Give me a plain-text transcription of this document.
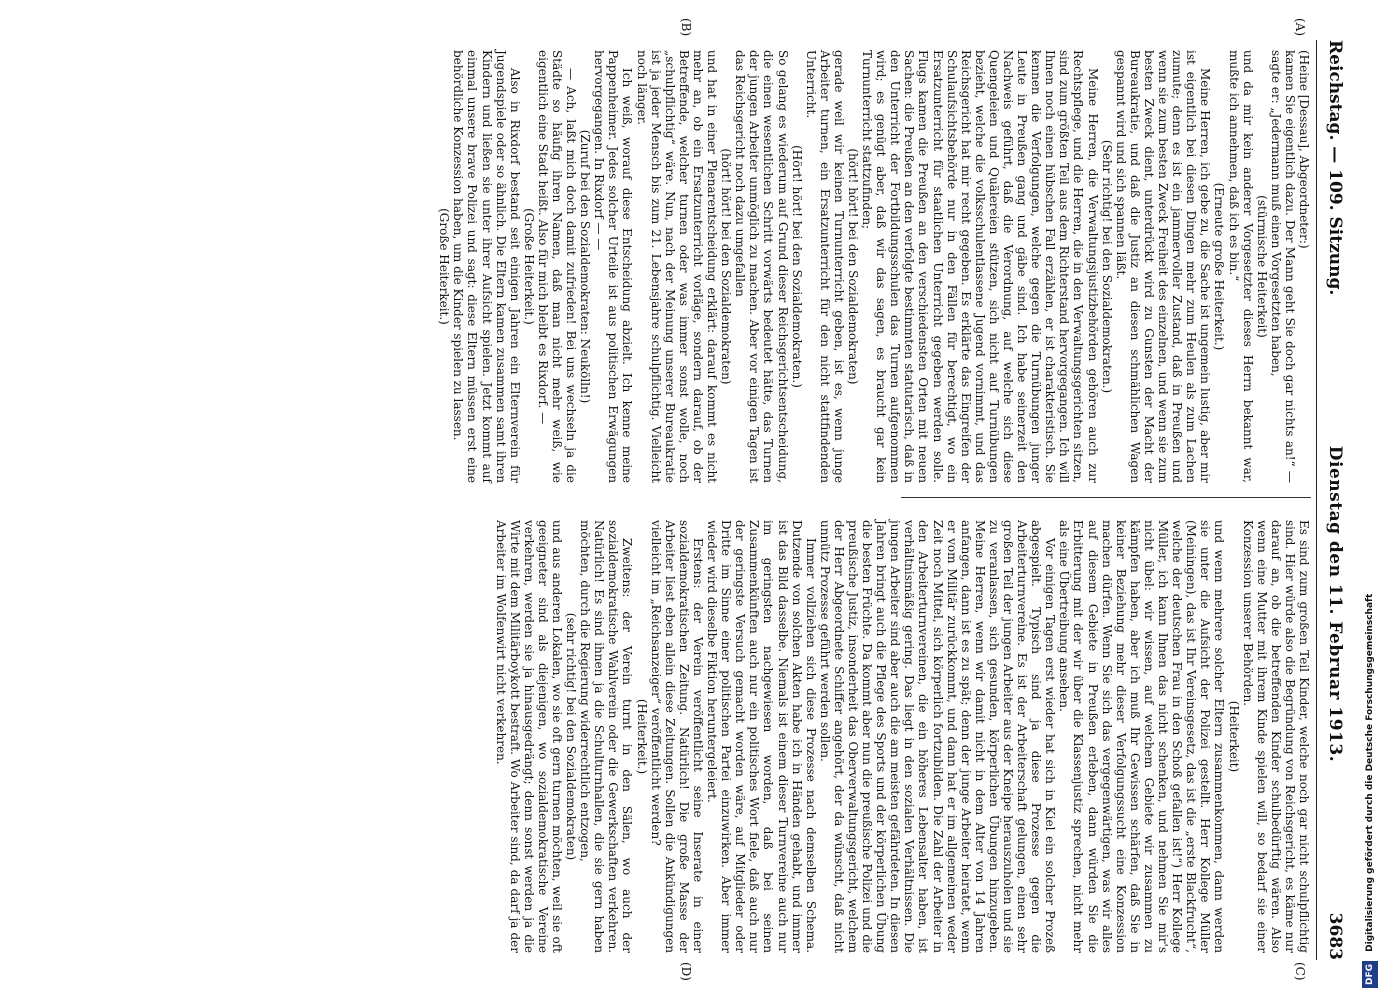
Reichstag. — 109. Sitzung.
Dienstag den 11. Februar 1913.
3683
(A)
(B)
(C)
(D)

(Heine [Dessau], Abgeordneter:)

kamen Sie eigentlich dazu. Der Mann geht Sie doch gar nichts an!“ — sagte er: „Jedermann muß einen Vorgesetzten haben,

(stürmische Heiterkeit)

und da mir kein anderer Vorgesetzter dieses Herrn bekannt war, mußte ich annehmen, daß ich es bin.“

(Erneute große Heiterkeit.)

Meine Herren, ich gebe zu, die Sache ist ungemein lustig, aber mir ist eigentlich bei diesen Dingen mehr zum Heulen als zum Lachen zumute; denn es ist ein jammervoller Zustand, daß in Preußen und wenn sie zum besten Zweck Freiheit des einzelnen, und wenn sie zum besten Zweck dient, unterdrückt wird zu Gunsten der Macht der Bureaukratie, und daß die Justiz an diesen schmählichen Wagen gespannt wird und sich spannen läßt.

(Sehr richtig! bei den Sozialdemokraten.)

Meine Herren, die Verwaltungsjustizbehörden gehören auch zur Rechtspflege, und die Herren, die in den Verwaltungsgerichten sitzen, sind zum größten Teil aus dem Richterstand hervorgegangen. Ich will Ihnen noch einen hübschen Fall erzählen, er ist charakteristisch. Sie kennen die Verfolgungen, welche gegen die Turnübungen junger Leute in Preußen gang und gäbe sind. Ich habe seinerzeit den Nachweis geführt, daß die Verordnung, auf welche sich diese Quengeleien und Quälereien stützen, sich nicht auf Turnübungen bezieht, welche die volksschulentlassene Jugend vornimmt, und das Reichsgericht hat mir recht gegeben. Es erklärte das Eingreifen der Schulaufsichtsbehörde nur in den Fällen für berechtigt, wo ein Ersatzunterricht für staatlichen Unterricht gegeben werden solle. Flugs kamen die Preußen an den verschiedensten Orten mit neuen Sachen: die Preußen an den verfolgte bestimmten statutarisch, daß in den Unterricht der Fortbildungsschulen das Turnen aufgenommen wird; es genügt aber, daß wir das sagen, es braucht gar kein Turnunterricht stattzufinden;

(hört! hört! bei den Sozialdemokraten)

gerade weil wir keinen Turnunterricht geben, ist es, wenn junge Arbeiter turnen, ein Ersatzunterricht für den nicht stattfindenden Unterricht.

(Hört! hört! bei den Sozialdemokraten.)

So gelang es wiederum auf Grund dieser Reichsgerichtsentscheidung, die einen wesentlichen Schritt vorwärts bedeutet hätte, das Turnen der jungen Arbeiter unmöglich zu machen. Aber vor einigen Tagen ist das Reichsgericht noch dazu umgefallen

(hört! hört! bei den Sozialdemokraten)

und hat in einer Plenarentscheidung erklärt: darauf kommt es nicht mehr an, ob ein Ersatzunterricht vorläge, sondern darauf, ob der Betreffende, welcher turnen oder was immer sonst wolle, noch „schulpflichtig“ wäre. Nun, nach der Meinung unserer Bureaukratie ist ja jeder Mensch bis zum 21. Lebensjahre schulpflichtig. Vielleicht noch länger.

Ich weiß, worauf diese Entscheidung abzielt. Ich kenne meine Pappenheimer. Jedes solcher Urteile ist aus politischen Erwägungen hervorgegangen. In Rixdorf — —

(Zuruf bei den Sozialdemokraten: Neukölln!)

— Ach, laßt mich doch damit zufrieden! Bei uns wechseln ja die Städte so häufig ihren Namen, daß man nicht mehr weiß, wie eigentlich eine Stadt heißt. Also für mich bleibt es Rixdorf. —

(Große Heiterkeit.)

Also in Rixdorf bestand seit einigen Jahren ein Elternverein für Jugendspiele oder so ähnlich. Die Eltern kamen zusammen samt ihren Kindern und ließen sie unter ihrer Aufsicht spielen. Jetzt kommt auf einmal unsere brave Polizei und sagt: diese Eltern müssen erst eine behördliche Konzession haben, um die Kinder spielen zu lassen.

(Große Heiterkeit.)

Es sind zum großen Teil Kinder, welche noch gar nicht schulpflichtig sind. Hier würde also die Begründung von Reichsgericht, es käme nur darauf an, ob die betreffenden Kinder schulbedürftig wären. Also wenn eine Mutter mit ihrem Kinde spielen will, so bedarf sie einer Konzession unserer Behörden.

(Heiterkeit)

und wenn mehrere solcher Eltern zusammenkommen, dann werden sie unter die Aufsicht der Polizei gestellt. Herr Kollege Müller (Meiningen), das ist Ihr Vereinsgesetz, das ist die „erste Blackfrucht“, welche der deutschen Frau in den Schoß gefallen ist!“) Herr Kollege Müller, ich kann Ihnen das nicht schenken, und nehmen Sie mir's nicht übel: wir wissen, auf welchem Gebiete wir zusammen zu kämpfen haben, aber ich muß Ihr Gewissen schärfen, daß Sie in keiner Beziehung mehr dieser Verfolgungssucht eine Konzession machen dürfen. Wenn Sie sich das vergegenwärtigen, was wir alles auf diesem Gebiete in Preußen erleben, dann würden Sie die Erbitterung mit der wir über die Klassenjustiz sprechen, nicht mehr als eine Übertreibung ansehen.

Vor einigen Tagen erst wieder hat sich in Kiel ein solcher Prozeß abgespielt. Typisch sind ja diese Prozesse gegen die Arbeiterturnvereine. Es ist der Arbeiterschaft gelungen, einen sehr großen Teil der jungen Arbeiter aus der Kneipe herauszuholen und sie zu veranlassen, sich gesunden, körperlichen Übungen hinzugeben. Meine Herren, wenn wir damit nicht in dem Alter von 14 Jahren anfangen, dann ist es zu spät; denn der junge Arbeiter heiratet, wenn er vom Militär zurückkommt, und dann hat er im allgemeinen weder Zeit noch Mittel, sich körperlich fortzubilden. Die Zahl der Arbeiter in den Arbeiterturnvereinen, die ein höheres Lebensalter haben, ist verhältnismäßig gering. Das liegt in den sozialen Verhältnissen. Die jungen Arbeiter sind aber auch die am meisten gefährdeten. In diesen Jahren bringt auch die Pflege des Sports und der körperlichen Übung die besten Früchte. Da kommt aber nun die preußische Polizei und die preußische Justiz, insonderheit das Oberverwaltungsgericht, welchem der Herr Abgeordnete Schiffer angehört, der da wünscht, daß nicht unnütz Prozesse geführt werden sollen.

Immer vollziehen sich diese Prozesse nach demselben Schema. Dutzende von solchen Akten habe ich in Händen gehabt, und immer ist das Bild dasselbe. Niemals ist einem dieser Turnvereine auch nur im geringsten nachgewiesen worden, daß bei seinen Zusammenkünften auch nur ein politisches Wort fiele, daß auch nur der geringste Versuch gemacht worden wäre, auf Mitglieder oder Dritte im Sinne einer politischen Partei einzuwirken. Aber immer wieder wird dieselbe Fiktion heruntergeleiert.

Erstens: der Verein veröffentlicht seine Inserate in einer sozialdemokratischen Zeitung. Natürlich! Die große Masse der Arbeiter liest eben allein diese Zeitungen. Sollen die Ankündigungen vielleicht im „Reichsanzeiger“ veröffentlicht werden?

(Heiterkeit.)

Zweitens: der Verein turnt in den Sälen, wo auch der sozialdemokratische Wahlverein oder die Gewerkschaften verkehren. Natürlich! Es sind ihnen ja die Schulturnhallen, die sie gern haben möchten, durch die Regierung widerrechtlich entzogen,

(sehr richtig! bei den Sozialdemokraten)

und aus anderen Lokalen, wo sie oft gern turnen möchten, weil sie oft geeigneter sind als diejenigen, wo sozialdemokratische Vereine verkehren, werden sie ja hinausgedrängt; denn sonst werden ja die Wirte mit dem Militärboykott bestraft. Wo Arbeiter sind, da darf ja der Arbeiter im Wolfenwirt nicht verkehren.

DFG Digitalisierung gefördert durch die Deutsche Forschungsgemeinschaft
